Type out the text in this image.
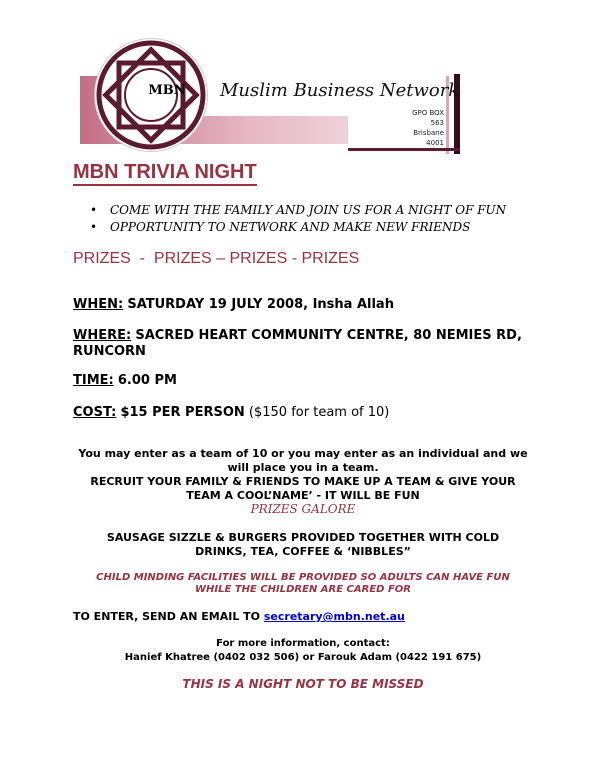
MBN Muslim Business Network
GPO BOX 563
Brisbane
4001
MBN TRIVIA NIGHT
• COME WITH THE FAMILY AND JOIN US FOR A NIGHT OF FUN
• OPPORTUNITY TO NETWORK AND MAKE NEW FRIENDS
PRIZES  -  PRIZES – PRIZES - PRIZES
WHEN: SATURDAY 19 JULY 2008, Insha Allah
WHERE: SACRED HEART COMMUNITY CENTRE, 80 NEMIES RD,
RUNCORN
TIME: 6.00 PM
COST: $15 PER PERSON ($150 for team of 10)
You may enter as a team of 10 or you may enter as an individual and we
will place you in a team.
RECRUIT YOUR FAMILY & FRIENDS TO MAKE UP A TEAM & GIVE YOUR
TEAM A COOL’NAME’ - IT WILL BE FUN
PRIZES GALORE
SAUSAGE SIZZLE & BURGERS PROVIDED TOGETHER WITH COLD
DRINKS, TEA, COFFEE & ‘NIBBLES”
CHILD MINDING FACILITIES WILL BE PROVIDED SO ADULTS CAN HAVE FUN
WHILE THE CHILDREN ARE CARED FOR
TO ENTER, SEND AN EMAIL TO secretary@mbn.net.au
For more information, contact:
Hanief Khatree (0402 032 506) or Farouk Adam (0422 191 675)
THIS IS A NIGHT NOT TO BE MISSED
